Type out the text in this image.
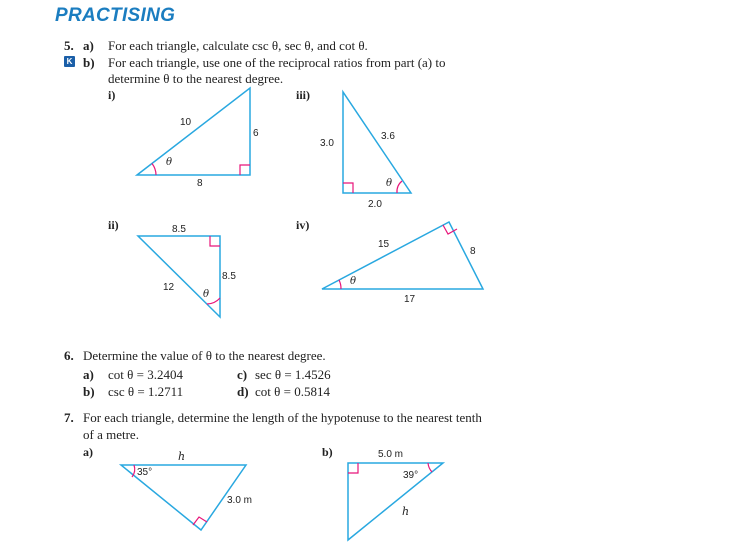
PRACTISING
5. a) For each triangle, calculate csc θ, sec θ, and cot θ.
K b) For each triangle, use one of the reciprocal ratios from part (a) to
determine θ to the nearest degree.
i)	iii)
ii)	iv)
6. Determine the value of θ to the nearest degree.
a) cot θ = 3.2404	c) sec θ = 1.4526
b) csc θ = 1.2711	d) cot θ = 0.5814
7. For each triangle, determine the length of the hypotenuse to the nearest tenth
of a metre.
a)	b)
10
6
8
θ
3.0
3.6
2.0
θ
8.5
8.5
12
θ
15
8
17
θ
h
35°
3.0 m
5.0 m
39°
h
